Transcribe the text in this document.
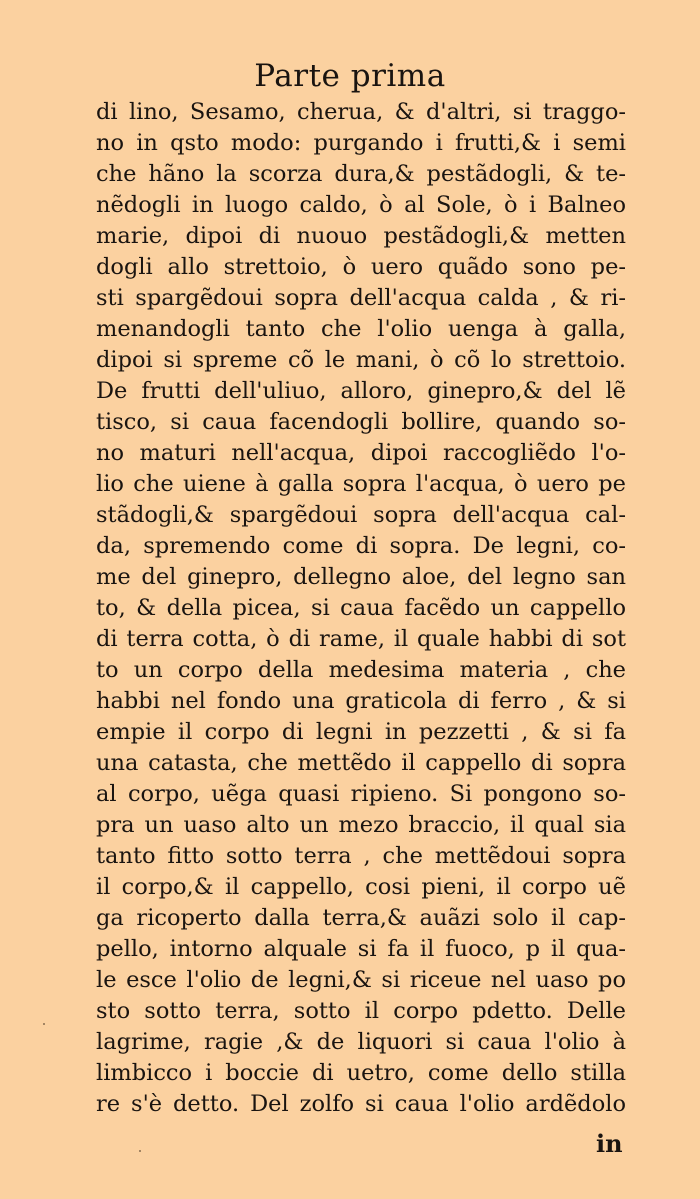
Parte prima
di lino, Sesamo, cherua, & d'altri, si traggo-
no in qsto modo: purgando i frutti,& i semi
che hãno la scorza dura,& pestãdogli, & te-
nẽdogli in luogo caldo, ò al Sole, ò i Balneo
marie, dipoi di nuouo pestãdogli,& metten
dogli allo strettoio, ò uero quãdo sono pe-
sti spargẽdoui sopra dell'acqua calda , & ri-
menandogli tanto che l'olio uenga à galla,
dipoi si spreme cõ le mani, ò cõ lo strettoio.
De frutti dell'uliuo, alloro, ginepro,& del lẽ
tisco, si caua facendogli bollire, quando so-
no maturi nell'acqua, dipoi raccogliẽdo l'o-
lio che uiene à galla sopra l'acqua, ò uero pe
stãdogli,& spargẽdoui sopra dell'acqua cal-
da, spremendo come di sopra. De legni, co-
me del ginepro, dellegno aloe, del legno san
to, & della picea, si caua facẽdo un cappello
di terra cotta, ò di rame, il quale habbi di sot
to un corpo della medesima materia , che
habbi nel fondo una graticola di ferro , & si
empie il corpo di legni in pezzetti , & si fa
una catasta, che mettẽdo il cappello di sopra
al corpo, uẽga quasi ripieno. Si pongono so-
pra un uaso alto un mezo braccio, il qual sia
tanto fitto sotto terra , che mettẽdoui sopra
il corpo,& il cappello, cosi pieni, il corpo uẽ
ga ricoperto dalla terra,& auãzi solo il cap-
pello, intorno alquale si fa il fuoco, p il qua-
le esce l'olio de legni,& si riceue nel uaso po
sto sotto terra, sotto il corpo pdetto. Delle
lagrime, ragie ,& de liquori si caua l'olio à
limbicco i boccie di uetro, come dello stilla
re s'è detto. Del zolfo si caua l'olio ardẽdolo
in
